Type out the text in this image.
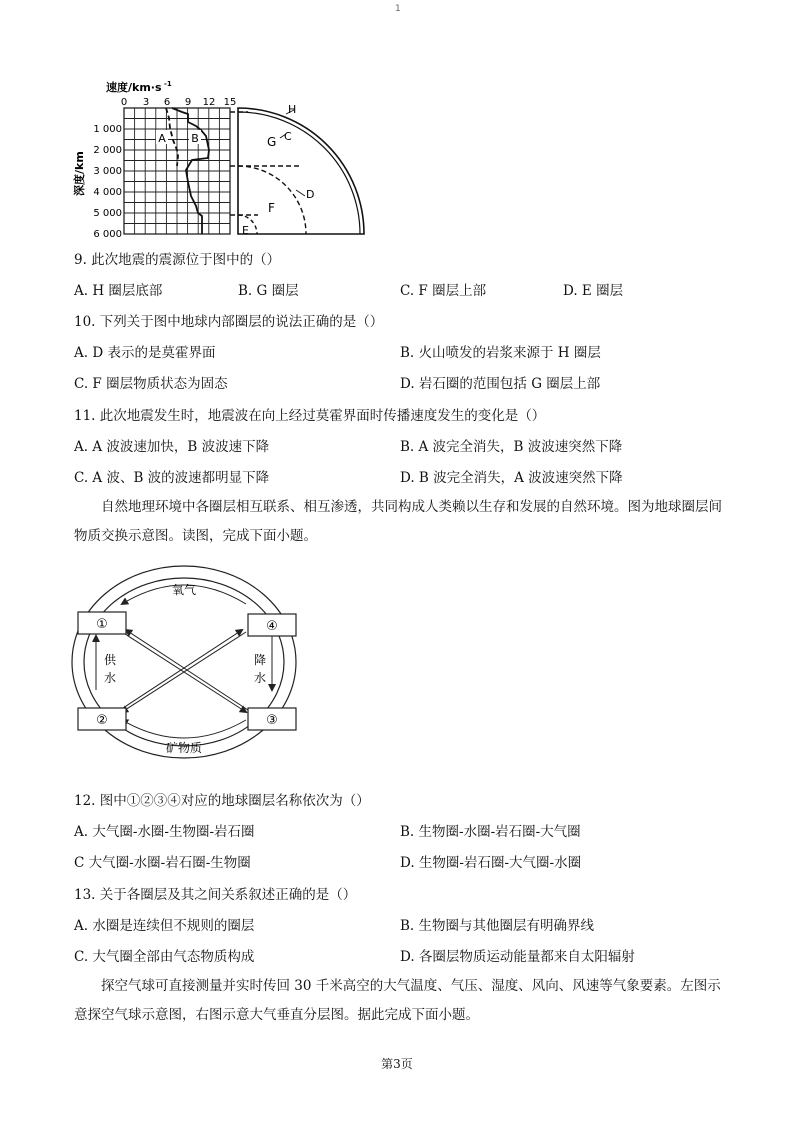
1
速度/km·s -1
0 3 6 9 12 15
深度/km
1 000
2 000
3 000
4 000
5 000
6 000
A B
H
C
G
D
F
E
9. 此次地震的震源位于图中的（）
A. H 圈层底部	B. G 圈层	C. F 圈层上部	D. E 圈层
10. 下列关于图中地球内部圈层的说法正确的是（）
A. D 表示的是莫霍界面	B. 火山喷发的岩浆来源于 H 圈层
C. F 圈层物质状态为固态	D. 岩石圈的范围包括 G 圈层上部
11. 此次地震发生时，地震波在向上经过莫霍界面时传播速度发生的变化是（）
A. A 波波速加快，B 波波速下降	B. A 波完全消失，B 波波速突然下降
C. A 波、B 波的波速都明显下降	D. B 波完全消失，A 波波速突然下降
自然地理环境中各圈层相互联系、相互渗透，共同构成人类赖以生存和发展的自然环境。图为地球圈层间物质交换示意图。读图，完成下面小题。
①	④
②	③
氧气
矿物质
供
水
降
水
12. 图中①②③④对应的地球圈层名称依次为（）
A. 大气圈-水圈-生物圈-岩石圈	B. 生物圈-水圈-岩石圈-大气圈
C 大气圈-水圈-岩石圈-生物圈	D. 生物圈-岩石圈-大气圈-水圈
13. 关于各圈层及其之间关系叙述正确的是（）
A. 水圈是连续但不规则的圈层	B. 生物圈与其他圈层有明确界线
C. 大气圈全部由气态物质构成	D. 各圈层物质运动能量都来自太阳辐射
探空气球可直接测量并实时传回 30 千米高空的大气温度、气压、湿度、风向、风速等气象要素。左图示意探空气球示意图，右图示意大气垂直分层图。据此完成下面小题。
第3页
